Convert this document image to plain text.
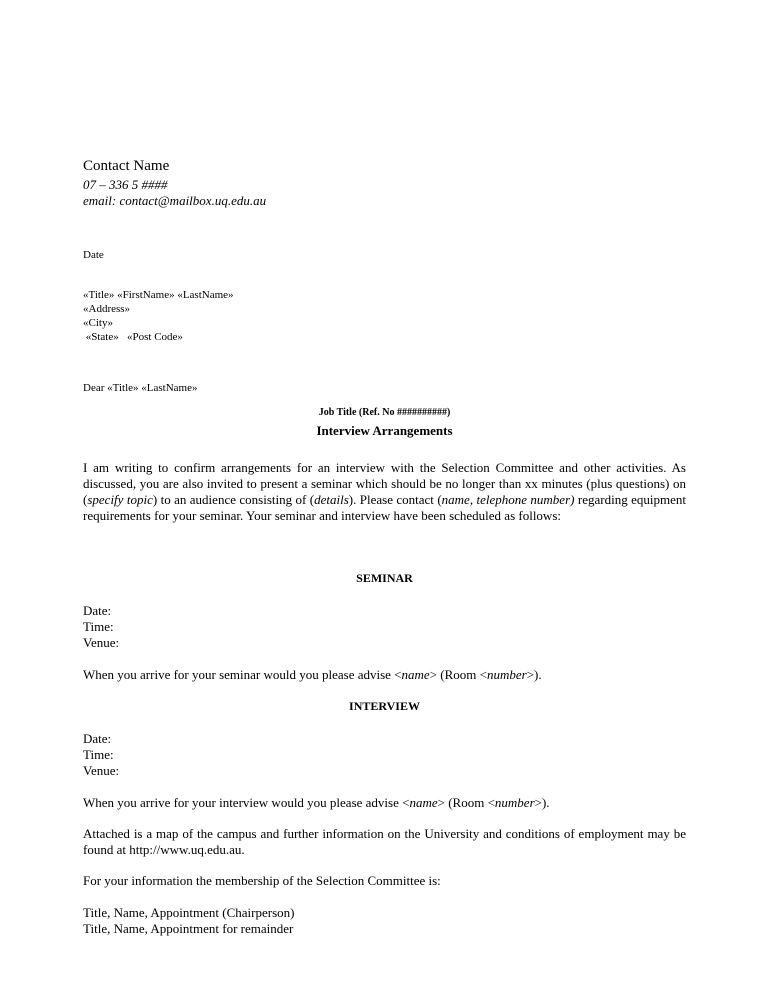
Contact Name
07 – 336 5 ####
email: contact@mailbox.uq.edu.au
Date
«Title» «FirstName» «LastName»
«Address»
«City»
«State»   «Post Code»
Dear «Title» «LastName»
Job Title (Ref. No ##########)
Interview Arrangements

I am writing to confirm arrangements for an interview with the Selection Committee and other activities. As discussed, you are also invited to present a seminar which should be no longer than xx minutes (plus questions) on (specify topic) to an audience consisting of (details). Please contact (name, telephone number) regarding equipment requirements for your seminar. Your seminar and interview have been scheduled as follows:

SEMINAR
Date:
Time:
Venue:
When you arrive for your seminar would you please advise <name> (Room <number>).
INTERVIEW
Date:
Time:
Venue:
When you arrive for your interview would you please advise <name> (Room <number>).

Attached is a map of the campus and further information on the University and conditions of employment may be found at http://www.uq.edu.au.

For your information the membership of the Selection Committee is:
Title, Name, Appointment (Chairperson)
Title, Name, Appointment for remainder
